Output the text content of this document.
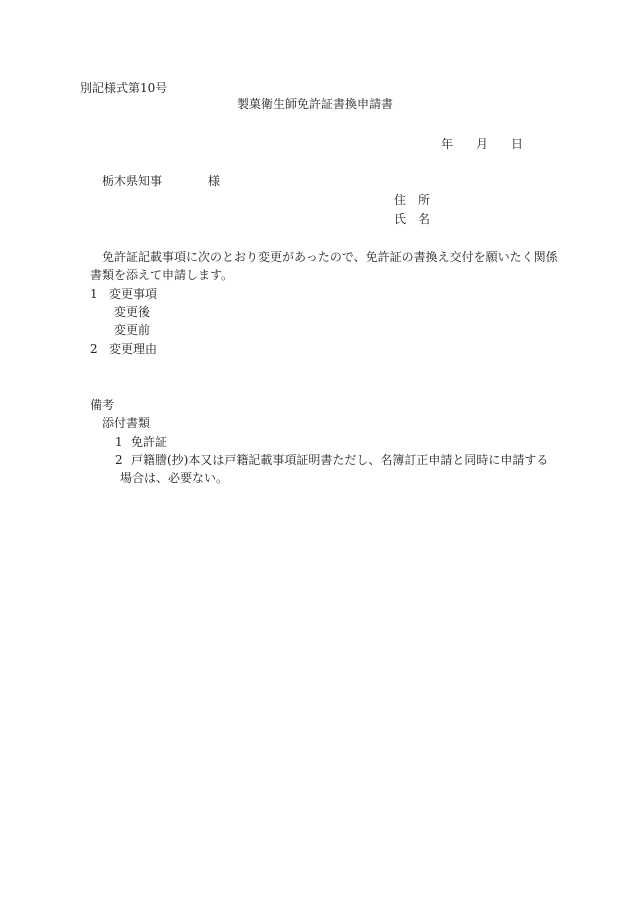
別記様式第10号
製菓衛生師免許証書換申請書
年 月 日
栃木県知事	様
住 所
氏 名
免許証記載事項に次のとおり変更があったので、免許証の書換え交付を願いたく関係
書類を添えて申請します。
1 変更事項
変更後
変更前
2 変更理由
備考
添付書類
1 免許証
2 戸籍謄(抄)本又は戸籍記載事項証明書ただし、名簿訂正申請と同時に申請する
場合は、必要ない。
